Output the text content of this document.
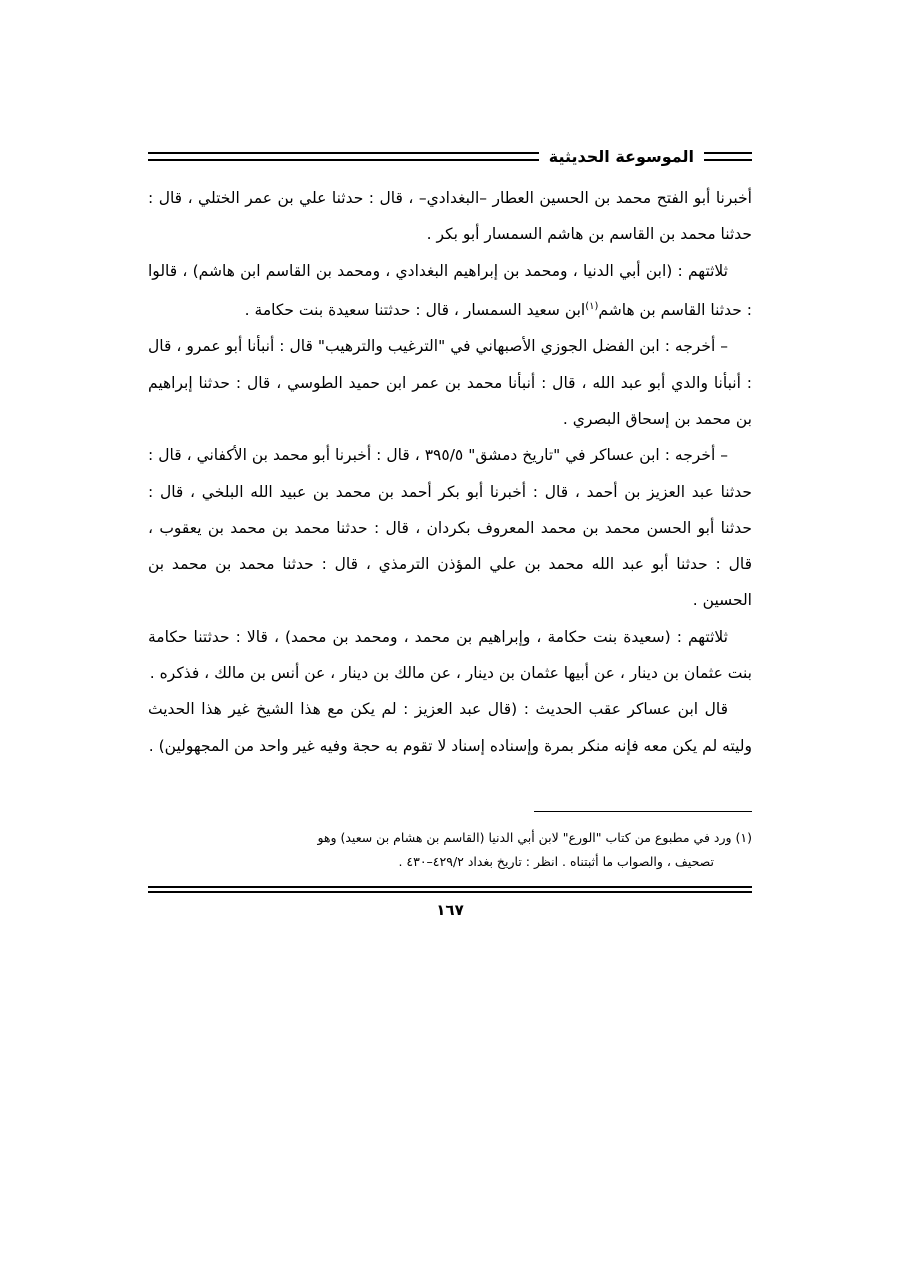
الموسوعة الحديثية

أخبرنا أبو الفتح محمد بن الحسين العطار –البغدادي– ، قال : حدثنا علي بن عمر الختلي ، قال : حدثنا محمد بن القاسم بن هاشم السمسار أبو بكر .

ثلاثتهم : (ابن أبي الدنيا ، ومحمد بن إبراهيم البغدادي ، ومحمد بن القاسم ابن هاشم) ، قالوا : حدثنا القاسم بن هاشم$^{(١)}$ابن سعيد السمسار ، قال : حدثتنا سعيدة بنت حكامة .

– أخرجه : ابن الفضل الجوزي الأصبهاني في "الترغيب والترهيب" قال : أنبأنا أبو عمرو ، قال : أنبأنا والدي أبو عبد الله ، قال : أنبأنا محمد بن عمر ابن حميد الطوسي ، قال : حدثنا إبراهيم بن محمد بن إسحاق البصري .

– أخرجه : ابن عساكر في "تاريخ دمشق" ٣٩٥/٥ ، قال : أخبرنا أبو محمد بن الأكفاني ، قال : حدثنا عبد العزيز بن أحمد ، قال : أخبرنا أبو بكر أحمد بن محمد بن عبيد الله البلخي ، قال : حدثنا أبو الحسن محمد بن محمد المعروف بكردان ، قال : حدثنا محمد بن محمد بن يعقوب ، قال : حدثنا أبو عبد الله محمد بن علي المؤذن الترمذي ، قال : حدثنا محمد بن محمد بن الحسين .

ثلاثتهم : (سعيدة بنت حكامة ، وإبراهيم بن محمد ، ومحمد بن محمد) ، قالا : حدثتنا حكامة بنت عثمان بن دينار ، عن أبيها عثمان بن دينار ، عن مالك بن دينار ، عن أنس بن مالك ، فذكره .

قال ابن عساكر عقب الحديث : (قال عبد العزيز : لم يكن مع هذا الشيخ غير هذا الحديث وليته لم يكن معه فإنه منكر بمرة وإسناده إسناد لا تقوم به حجة وفيه غير واحد من المجهولين) .

(١) ورد في مطبوع من كتاب "الورع" لابن أبي الدنيا (القاسم بن هشام بن سعيد) وهو
تصحيف ، والصواب ما أثبتناه . انظر : تاريخ بغداد ٤٢٩/٢–٤٣٠ .
١٦٧
